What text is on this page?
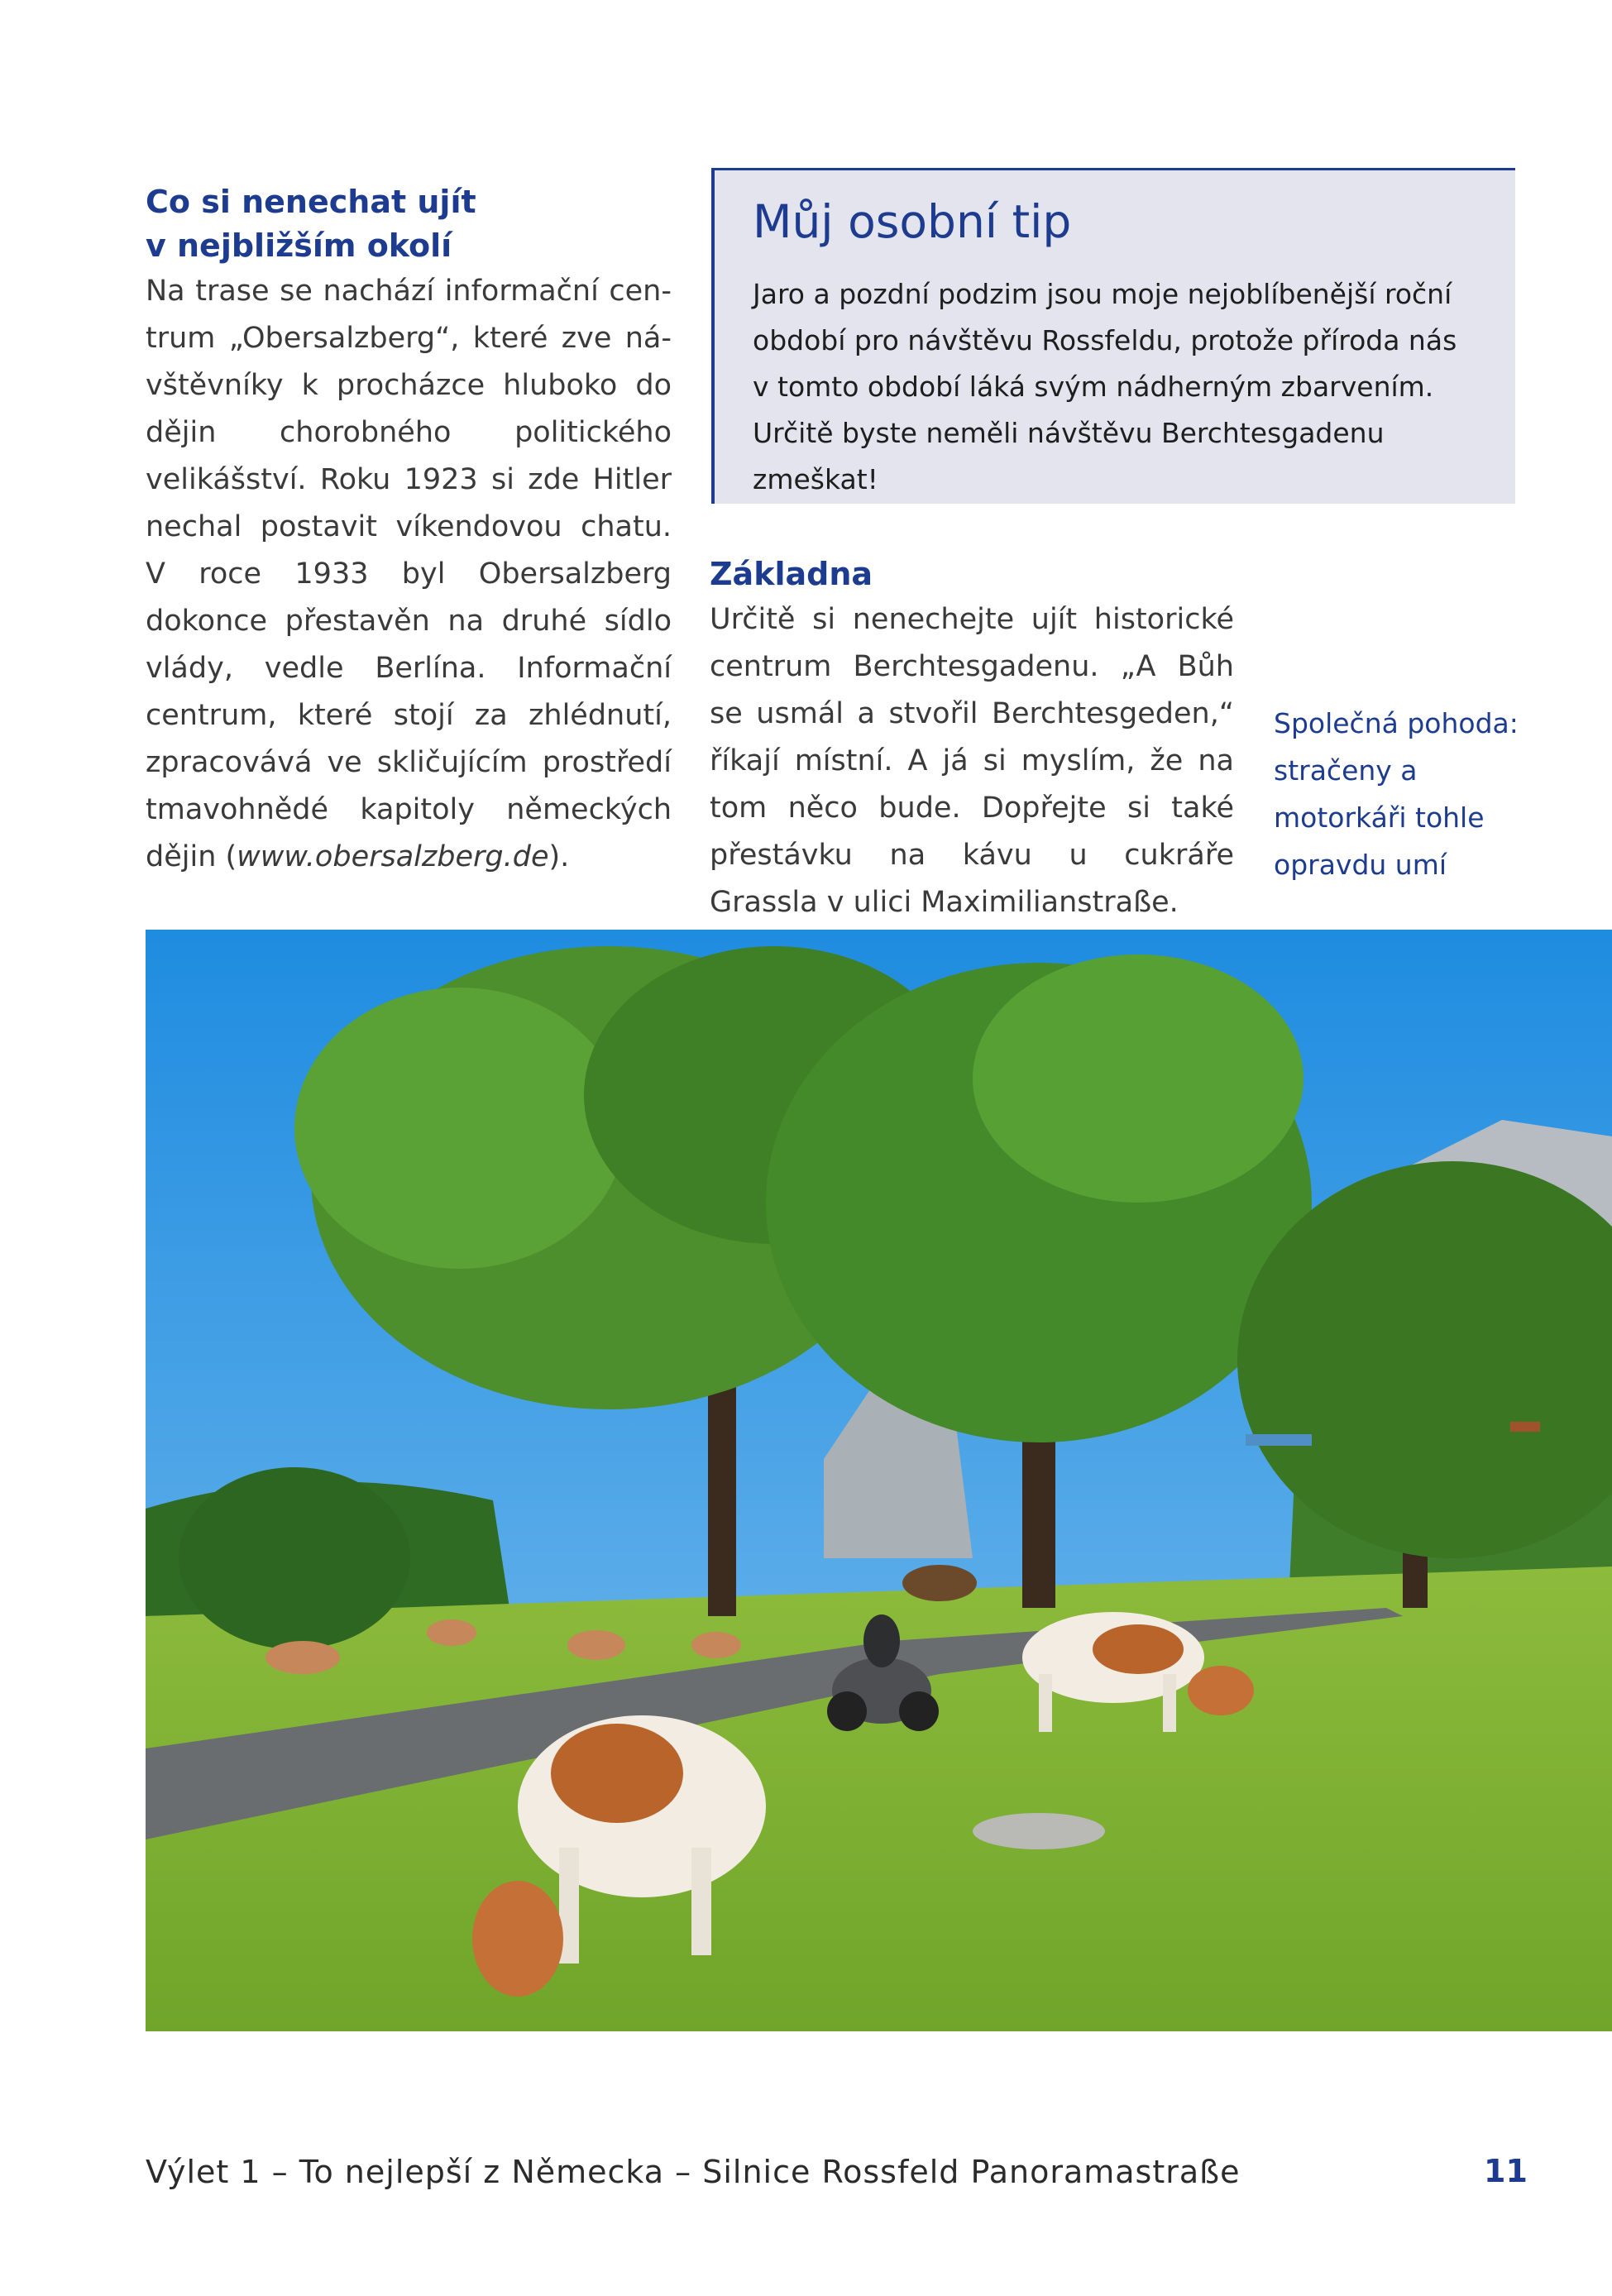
Co si nenechat ujít
v nejbližším okolí

Na trase se nachází informační centrum „Obersalzberg“, které zve návštěvníky k procházce hluboko do dějin chorobného politického velikášství. Roku 1923 si zde Hitler nechal postavit víkendovou chatu. V roce 1933 byl Obersalzberg dokonce přestavěn na druhé sídlo vlády, vedle Berlína. Informační centrum, které stojí za zhlédnutí, zpracovává ve skličujícím prostředí tmavohnědé kapitoly německých dějin (www.obersalzberg.de).

Můj osobní tip

Jaro a pozdní podzim jsou moje nejoblíbenější roční období pro návštěvu Rossfeldu, protože příroda nás v tomto období láká svým nádherným zbarvením. Určitě byste neměli návštěvu Berchtesgadenu zmeškat!

Základna

Určitě si nenechejte ujít historické centrum Berchtesgadenu. „A Bůh se usmál a stvořil Berchtesgeden,“ říkají místní. A já si myslím, že na tom něco bude. Dopřejte si také přestávku na kávu u cukráře Grassla v ulici Maximilianstraße.

Společná pohoda: stračeny a motorkáři tohle opravdu umí

Výlet 1 – To nejlepší z Německa – Silnice Rossfeld Panoramastraße	11
